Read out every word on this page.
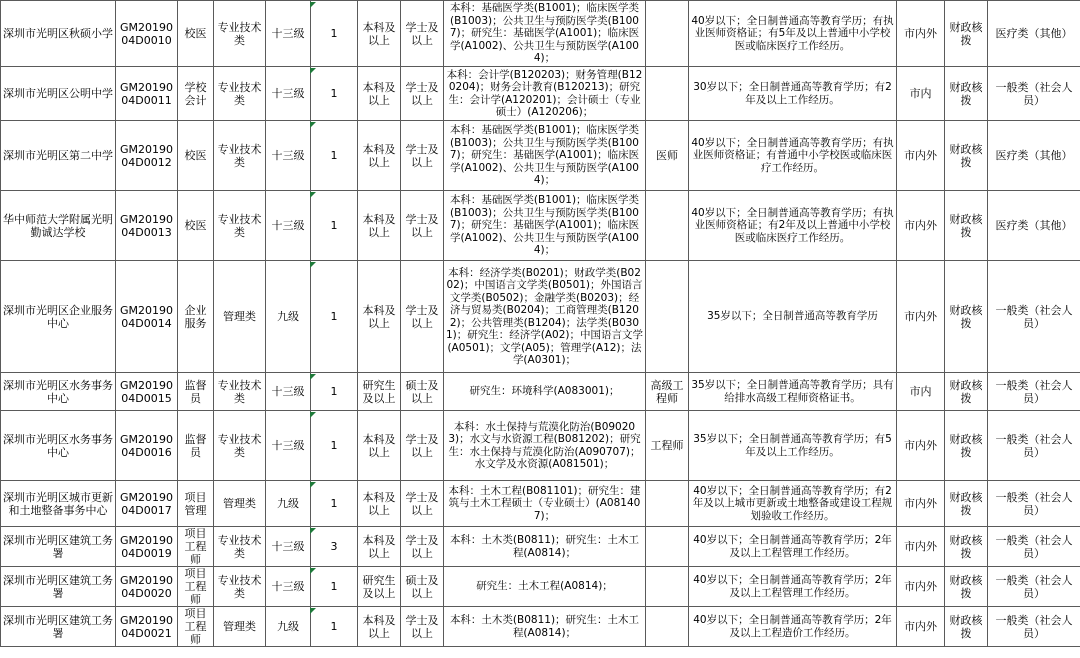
深圳市光明区秋硕小学	GM2019004D0010	校医	专业技术类	十三级	1	本科及以上	学士及以上	本科：基础医学类(B1001)；临床医学类(B1003)；公共卫生与预防医学类(B1007)；研究生：基础医学(A1001)；临床医学(A1002)、公共卫生与预防医学(A1004)；		40岁以下；全日制普通高等教育学历；有执业医师资格证；有5年及以上普通中小学校医或临床医疗工作经历。	市内外	财政核拨	医疗类（其他）
深圳市光明区公明中学	GM2019004D0011	学校会计	专业技术类	十三级	1	本科及以上	学士及以上	本科：会计学(B120203)；财务管理(B120204)；财务会计教育(B120213)；研究生：会计学(A120201)；会计硕士（专业硕士）(A120206)；		30岁以下；全日制普通高等教育学历；有2年及以上工作经历。	市内	财政核拨	一般类（社会人员）
深圳市光明区第二中学	GM2019004D0012	校医	专业技术类	十三级	1	本科及以上	学士及以上	本科：基础医学类(B1001)；临床医学类(B1003)；公共卫生与预防医学类(B1007)；研究生：基础医学(A1001)；临床医学(A1002)、公共卫生与预防医学(A1004)；	医师	40岁以下；全日制普通高等教育学历；有执业医师资格证；有普通中小学校医或临床医疗工作经历。	市内外	财政核拨	医疗类（其他）
华中师范大学附属光明勤诚达学校	GM2019004D0013	校医	专业技术类	十三级	1	本科及以上	学士及以上	本科：基础医学类(B1001)；临床医学类(B1003)；公共卫生与预防医学类(B1007)；研究生：基础医学(A1001)；临床医学(A1002)、公共卫生与预防医学(A1004)；		40岁以下；全日制普通高等教育学历；有执业医师资格证；有2年及以上普通中小学校医或临床医疗工作经历。	市内外	财政核拨	医疗类（其他）
深圳市光明区企业服务中心	GM2019004D0014	企业服务	管理类	九级	1	本科及以上	学士及以上	本科：经济学类(B0201)；财政学类(B0202)；中国语言文学类(B0501)；外国语言文学类(B0502)；金融学类(B0203)；经济与贸易类(B0204)；工商管理类(B1202)；公共管理类(B1204)；法学类(B0301)；研究生：经济学(A02)；中国语言文学(A0501)；文学(A05)；管理学(A12)；法学(A0301)；		35岁以下；全日制普通高等教育学历	市内外	财政核拨	一般类（社会人员）
深圳市光明区水务事务中心	GM2019004D0015	监督员	专业技术类	十三级	1	研究生及以上	硕士及以上	研究生：环境科学(A083001)；	高级工程师	35岁以下；全日制普通高等教育学历；具有给排水高级工程师资格证书。	市内	财政核拨	一般类（社会人员）
深圳市光明区水务事务中心	GM2019004D0016	监督员	专业技术类	十三级	1	本科及以上	学士及以上	本科：水土保持与荒漠化防治(B090203)；水文与水资源工程(B081202)；研究生：水土保持与荒漠化防治(A090707)；水文学及水资源(A081501)；	工程师	35岁以下；全日制普通高等教育学历；有5年及以上工作经历。	市内外	财政核拨	一般类（社会人员）
深圳市光明区城市更新和土地整备事务中心	GM2019004D0017	项目管理	管理类	九级	1	本科及以上	学士及以上	本科：土木工程(B081101)；研究生：建筑与土木工程硕士（专业硕士）(A081407)；		40岁以下；全日制普通高等教育学历；有2年及以上城市更新或土地整备或建设工程规划验收工作经历。	市内外	财政核拨	一般类（社会人员）
深圳市光明区建筑工务署	GM2019004D0019	项目工程师	专业技术类	十三级	3	本科及以上	学士及以上	本科：土木类(B0811)；研究生：土木工程(A0814)；		40岁以下；全日制普通高等教育学历；2年及以上工程管理工作经历。	市内外	财政核拨	一般类（社会人员）
深圳市光明区建筑工务署	GM2019004D0020	项目工程师	专业技术类	十三级	1	研究生及以上	硕士及以上	研究生：土木工程(A0814)；		40岁以下；全日制普通高等教育学历；2年及以上工程管理工作经历。	市内外	财政核拨	一般类（社会人员）
深圳市光明区建筑工务署	GM2019004D0021	项目工程师	管理类	九级	1	本科及以上	学士及以上	本科：土木类(B0811)；研究生：土木工程(A0814)；		40岁以下；全日制普通高等教育学历；2年及以上工程造价工作经历。	市内外	财政核拨	一般类（社会人员）
